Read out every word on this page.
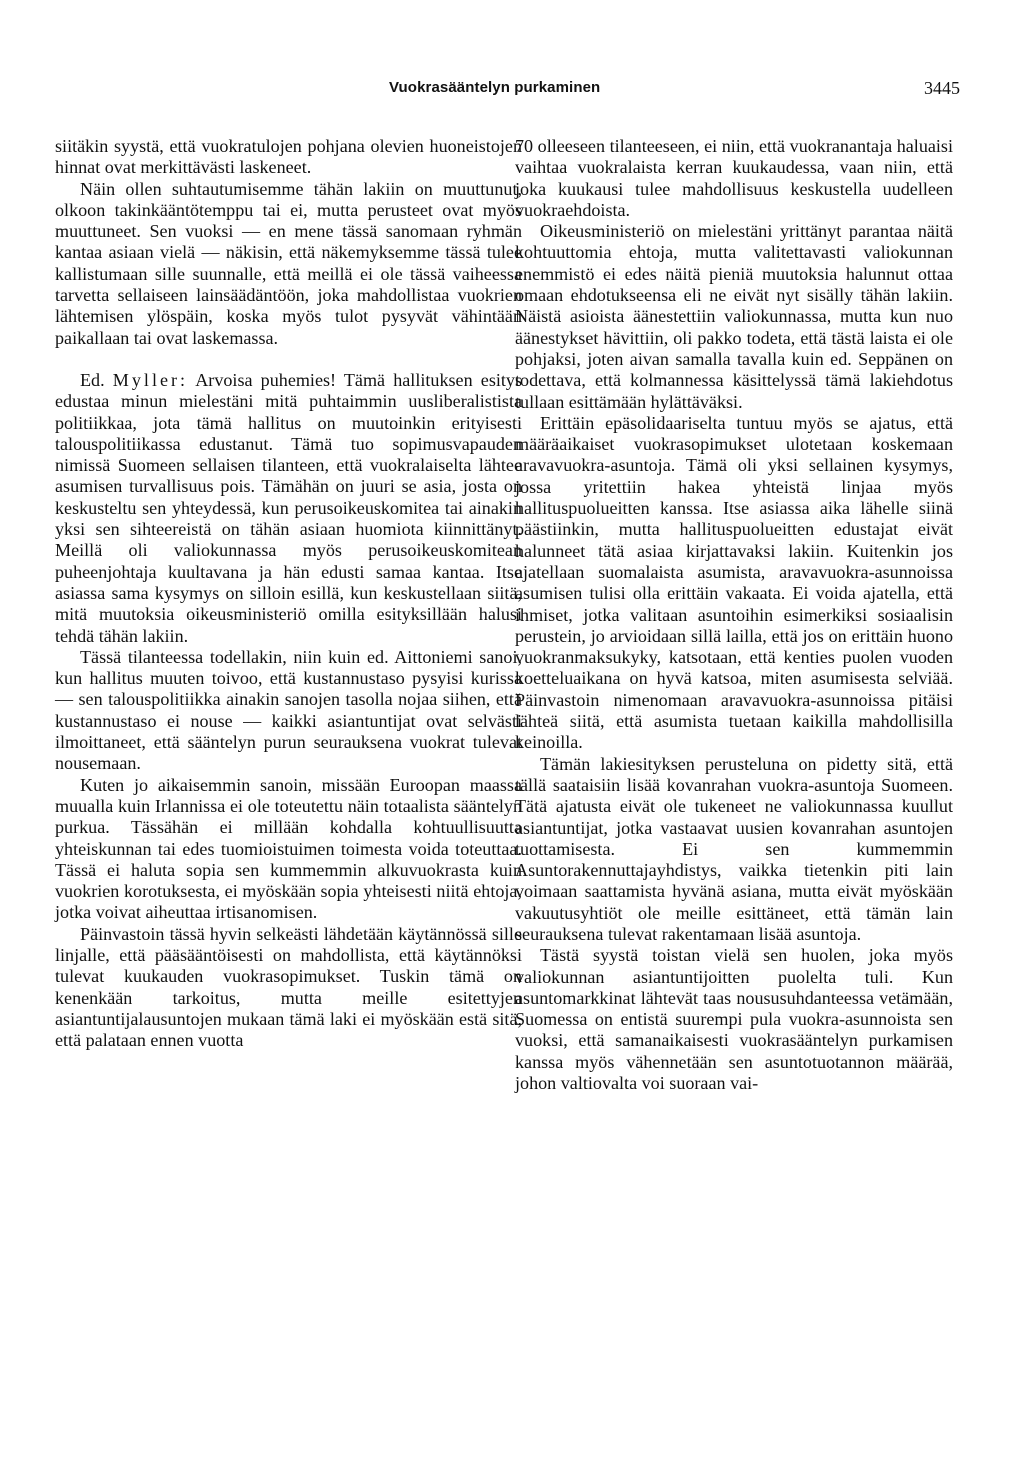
Vuokrasääntelyn purkaminen	3445

siitäkin syystä, että vuokratulojen pohjana olevien huoneistojen hinnat ovat merkittävästi laskeneet.

Näin ollen suhtautumisemme tähän lakiin on muuttunut, olkoon takinkääntötemppu tai ei, mutta perusteet ovat myös muuttuneet. Sen vuoksi — en mene tässä sanomaan ryhmän kantaa asiaan vielä — näkisin, että näkemyksemme tässä tulee kallistumaan sille suunnalle, että meillä ei ole tässä vaiheessa tarvetta sellaiseen lainsäädäntöön, joka mahdollistaa vuokrien lähtemisen ylöspäin, koska myös tulot pysyvät vähintään paikallaan tai ovat laskemassa.

Ed. Myller: Arvoisa puhemies! Tämä hallituksen esitys edustaa minun mielestäni mitä puhtaimmin uusliberalistista politiikkaa, jota tämä hallitus on muutoinkin erityisesti talouspolitiikassa edustanut. Tämä tuo sopimusvapauden nimissä Suomeen sellaisen tilanteen, että vuokralaiselta lähtee asumisen turvallisuus pois. Tämähän on juuri se asia, josta on keskusteltu sen yhteydessä, kun perusoikeuskomitea tai ainakin yksi sen sihteereistä on tähän asiaan huomiota kiinnittänyt. Meillä oli valiokunnassa myös perusoikeuskomitean puheenjohtaja kuultavana ja hän edusti samaa kantaa. Itse asiassa sama kysymys on silloin esillä, kun keskustellaan siitä, mitä muutoksia oikeusministeriö omilla esityksillään halusi tehdä tähän lakiin.

Tässä tilanteessa todellakin, niin kuin ed. Aittoniemi sanoi, kun hallitus muuten toivoo, että kustannustaso pysyisi kurissa — sen talouspolitiikka ainakin sanojen tasolla nojaa siihen, että kustannustaso ei nouse — kaikki asiantuntijat ovat selvästi ilmoittaneet, että sääntelyn purun seurauksena vuokrat tulevat nousemaan.

Kuten jo aikaisemmin sanoin, missään Euroopan maassa muualla kuin Irlannissa ei ole toteutettu näin totaalista sääntelyn purkua. Tässähän ei millään kohdalla kohtuullisuutta yhteiskunnan tai edes tuomioistuimen toimesta voida toteuttaa. Tässä ei haluta sopia sen kummemmin alkuvuokrasta kuin vuokrien korotuksesta, ei myöskään sopia yhteisesti niitä ehtoja, jotka voivat aiheuttaa irtisanomisen.

Päinvastoin tässä hyvin selkeästi lähdetään käytännössä sille linjalle, että pääsääntöisesti on mahdollista, että käytännöksi tulevat kuukauden vuokrasopimukset. Tuskin tämä on kenenkään tarkoitus, mutta meille esitettyjen asiantuntijalausuntojen mukaan tämä laki ei myöskään estä sitä, että palataan ennen vuotta

70 olleeseen tilanteeseen, ei niin, että vuokranantaja haluaisi vaihtaa vuokralaista kerran kuukaudessa, vaan niin, että joka kuukausi tulee mahdollisuus keskustella uudelleen vuokraehdoista.

Oikeusministeriö on mielestäni yrittänyt parantaa näitä kohtuuttomia ehtoja, mutta valitettavasti valiokunnan enemmistö ei edes näitä pieniä muutoksia halunnut ottaa omaan ehdotukseensa eli ne eivät nyt sisälly tähän lakiin. Näistä asioista äänestettiin valiokunnassa, mutta kun nuo äänestykset hävittiin, oli pakko todeta, että tästä laista ei ole pohjaksi, joten aivan samalla tavalla kuin ed. Seppänen on todettava, että kolmannessa käsittelyssä tämä lakiehdotus tullaan esittämään hylättäväksi.

Erittäin epäsolidaariselta tuntuu myös se ajatus, että määräaikaiset vuokrasopimukset ulotetaan koskemaan aravavuokra-asuntoja. Tämä oli yksi sellainen kysymys, jossa yritettiin hakea yhteistä linjaa myös hallituspuolueitten kanssa. Itse asiassa aika lähelle siinä päästiinkin, mutta hallituspuolueitten edustajat eivät halunneet tätä asiaa kirjattavaksi lakiin. Kuitenkin jos ajatellaan suomalaista asumista, aravavuokra-asunnoissa asumisen tulisi olla erittäin vakaata. Ei voida ajatella, että ihmiset, jotka valitaan asuntoihin esimerkiksi sosiaalisin perustein, jo arvioidaan sillä lailla, että jos on erittäin huono vuokranmaksukyky, katsotaan, että kenties puolen vuoden koetteluaikana on hyvä katsoa, miten asumisesta selviää. Päinvastoin nimenomaan aravavuokra-asunnoissa pitäisi lähteä siitä, että asumista tuetaan kaikilla mahdollisilla keinoilla.

Tämän lakiesityksen perusteluna on pidetty sitä, että tällä saataisiin lisää kovanrahan vuokra-asuntoja Suomeen. Tätä ajatusta eivät ole tukeneet ne valiokunnassa kuullut asiantuntijat, jotka vastaavat uusien kovanrahan asuntojen tuottamisesta. Ei sen kummemmin Asuntorakennuttajayhdistys, vaikka tietenkin piti lain voimaan saattamista hyvänä asiana, mutta eivät myöskään vakuutusyhtiöt ole meille esittäneet, että tämän lain seurauksena tulevat rakentamaan lisää asuntoja.

Tästä syystä toistan vielä sen huolen, joka myös valiokunnan asiantuntijoitten puolelta tuli. Kun asuntomarkkinat lähtevät taas noususuhdanteessa vetämään, Suomessa on entistä suurempi pula vuokra-asunnoista sen vuoksi, että samanaikaisesti vuokrasääntelyn purkamisen kanssa myös vähennetään sen asuntotuotannon määrää, johon valtiovalta voi suoraan vai-
